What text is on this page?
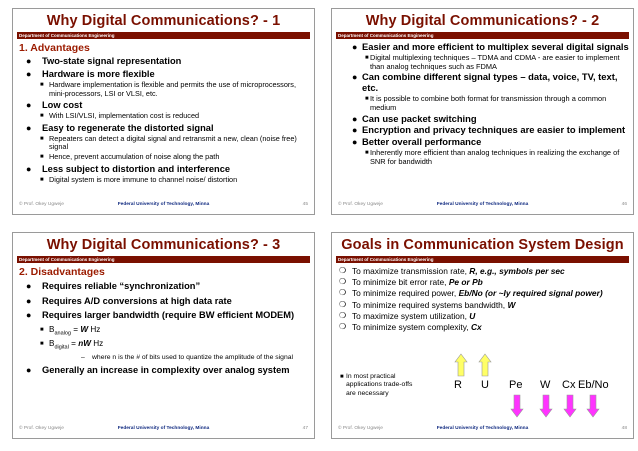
Why Digital Communications? - 1
Department of Communications Engineering
1. Advantages
● Two-state signal representation
● Hardware is more flexible
■ Hardware implementation is flexible and permits the use of microprocessors, mini-processors, LSI or VLSI, etc.
● Low cost
■ With LSI/VLSI, implementation cost is reduced
● Easy to regenerate the distorted signal
■ Repeaters can detect a digital signal and retransmit a new, clean (noise free) signal
■ Hence, prevent accumulation of noise along the path
● Less subject to distortion and interference
■ Digital system is more immune to channel noise/ distortion
© Prof. Okey Ugweje	Federal University of Technology, Minna	45
Why Digital Communications? - 2
Department of Communications Engineering
● Easier and more efficient to multiplex several digital signals
■ Digital multiplexing techniques – TDMA and CDMA - are easier to implement than analog techniques such as FDMA
● Can combine different signal types – data, voice, TV, text, etc.
■ It is possible to combine both format for transmission through a common medium
● Can use packet switching
● Encryption and privacy techniques are easier to implement
● Better overall performance
■ Inherently more efficient than analog techniques in realizing the exchange of SNR for bandwidth
© Prof. Okey Ugweje	Federal University of Technology, Minna	46
Why Digital Communications? - 3
Department of Communications Engineering
2. Disadvantages
● Requires reliable “synchronization”
● Requires A/D conversions at high data rate
● Requires larger bandwidth (require BW efficient MODEM)
■ $B_{analog} = W$ Hz
■ $B_{digital}$ = nW Hz
– where n is the # of bits used to quantize the amplitude of the signal
● Generally an increase in complexity over analog system
© Prof. Okey Ugweje	Federal University of Technology, Minna	47
Goals in Communication System Design
Department of Communications Engineering
❍ To maximize transmission rate, R, e.g., symbols per sec
❍ To minimize bit error rate, Pe or Pb
❍ To minimize required power, Eb/No (or ~Iy required signal power)
❍ To minimize required systems bandwidth, W
❍ To maximize system utilization, U
❍ To minimize system complexity, Cx
■ In most practical applications trade-offs are necessary
R U Pe W Cx Eb/No
© Prof. Okey Ugweje	Federal University of Technology, Minna	48
